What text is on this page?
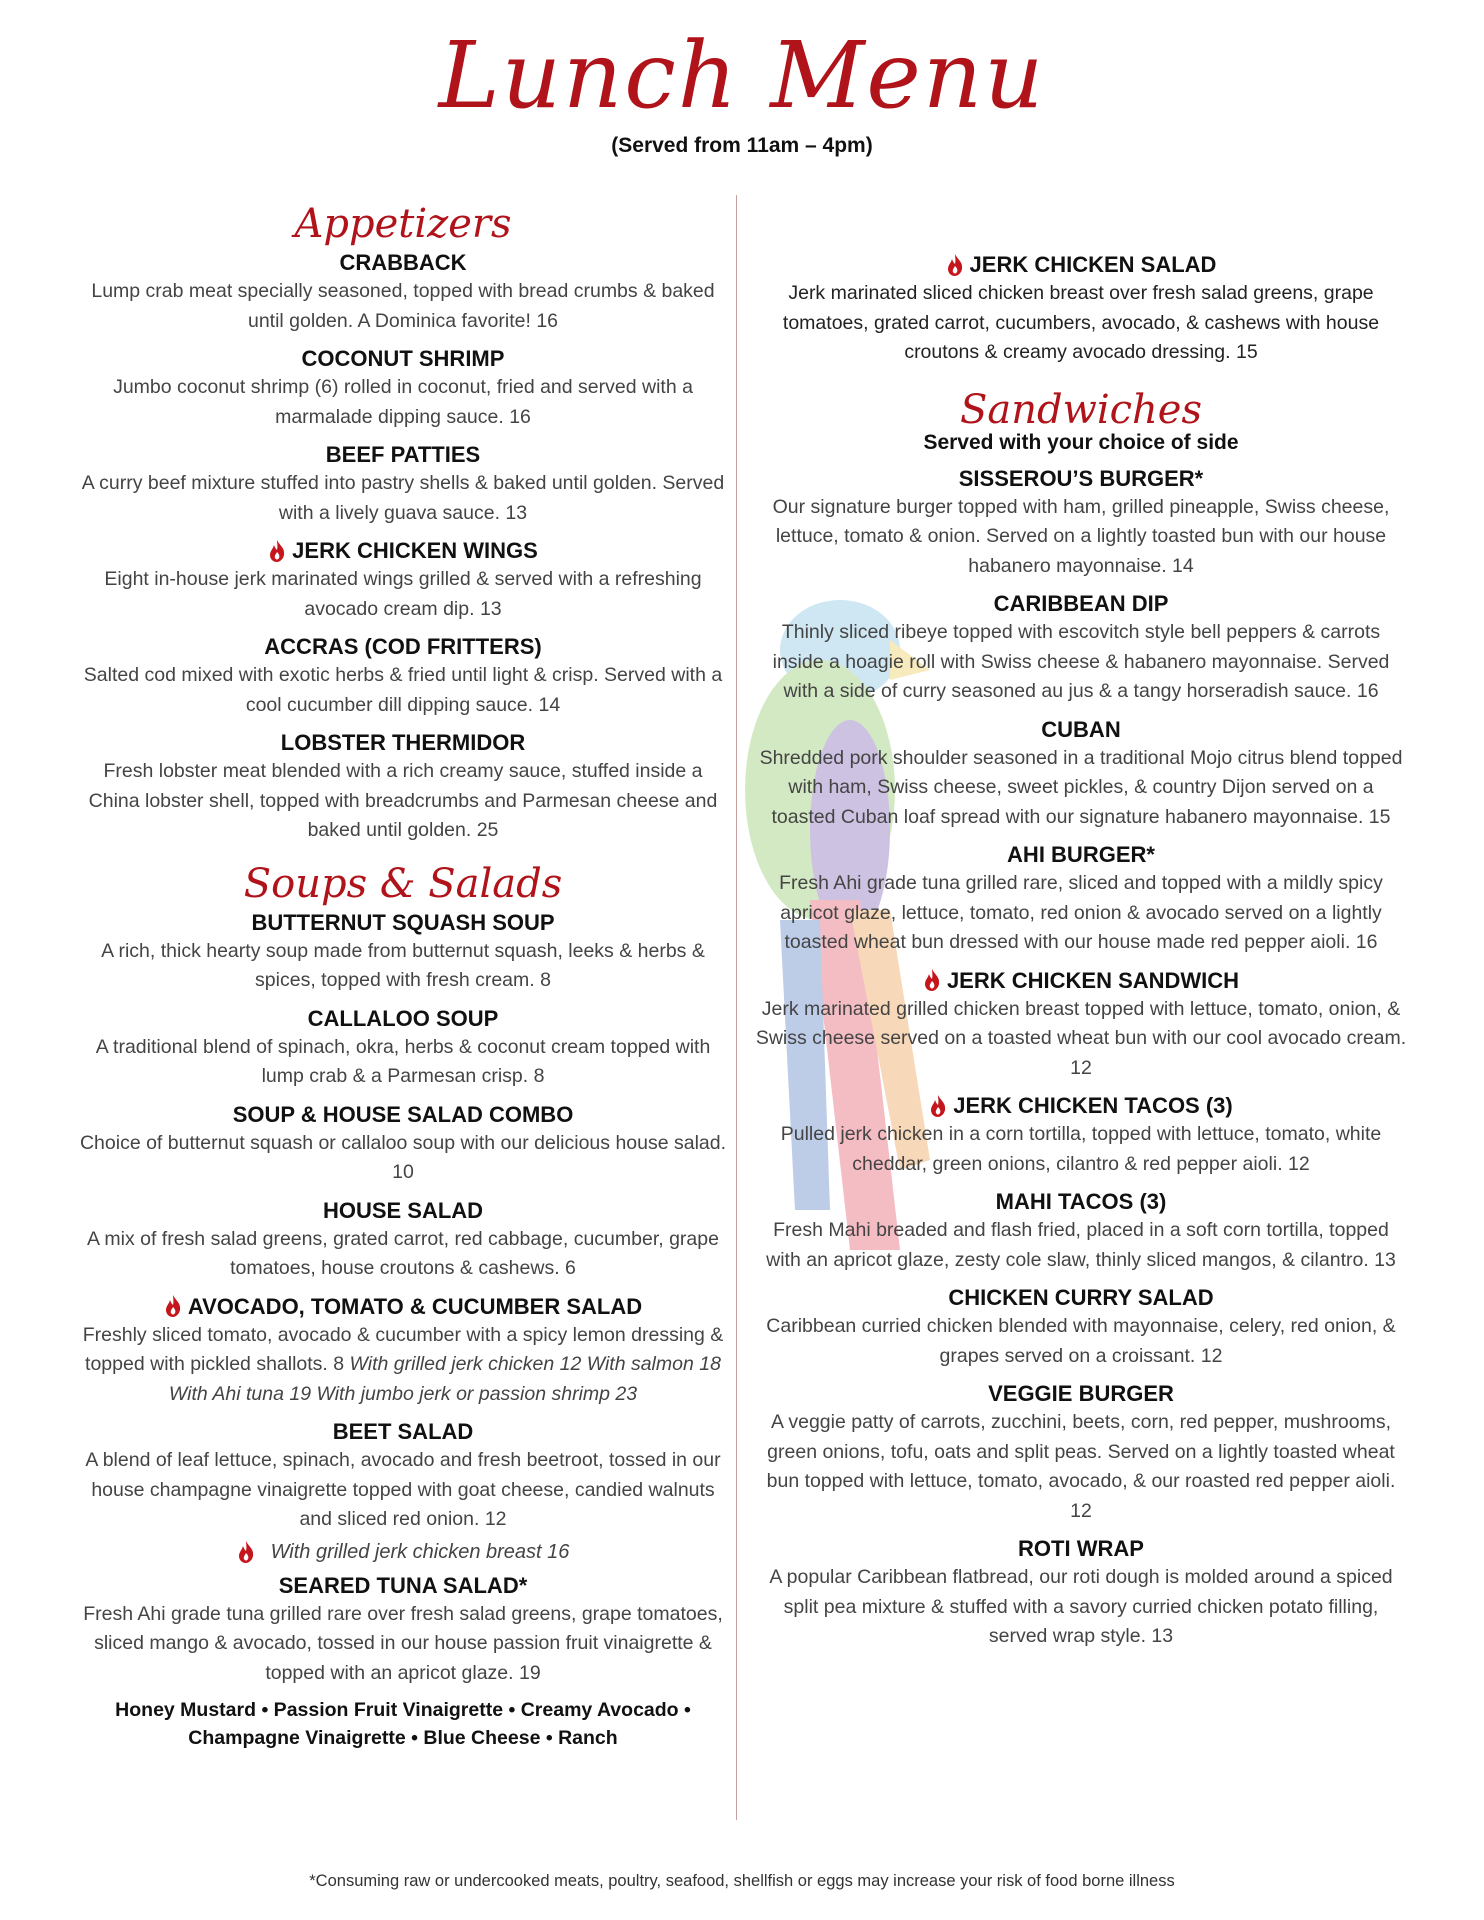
Lunch Menu
(Served from 11am – 4pm)
Appetizers
CRABBACK
Lump crab meat specially seasoned, topped with bread crumbs & baked until golden. A Dominica favorite! 16
COCONUT SHRIMP
Jumbo coconut shrimp (6) rolled in coconut, fried and served with a marmalade dipping sauce. 16
BEEF PATTIES
A curry beef mixture stuffed into pastry shells & baked until golden. Served with a lively guava sauce. 13
JERK CHICKEN WINGS
Eight in-house jerk marinated wings grilled & served with a refreshing avocado cream dip. 13
ACCRAS (COD FRITTERS)
Salted cod mixed with exotic herbs & fried until light & crisp. Served with a cool cucumber dill dipping sauce. 14
LOBSTER THERMIDOR
Fresh lobster meat blended with a rich creamy sauce, stuffed inside a China lobster shell, topped with breadcrumbs and Parmesan cheese and baked until golden. 25
Soups & Salads
BUTTERNUT SQUASH SOUP
A rich, thick hearty soup made from butternut squash, leeks & herbs & spices, topped with fresh cream. 8
CALLALOO SOUP
A traditional blend of spinach, okra, herbs & coconut cream topped with lump crab & a Parmesan crisp. 8
SOUP & HOUSE SALAD COMBO
Choice of butternut squash or callaloo soup with our delicious house salad. 10
HOUSE SALAD
A mix of fresh salad greens, grated carrot, red cabbage, cucumber, grape tomatoes, house croutons & cashews. 6
AVOCADO, TOMATO & CUCUMBER SALAD
Freshly sliced tomato, avocado & cucumber with a spicy lemon dressing & topped with pickled shallots. 8 With grilled jerk chicken 12 With salmon 18 With Ahi tuna 19 With jumbo jerk or passion shrimp 23
BEET SALAD
A blend of leaf lettuce, spinach, avocado and fresh beetroot, tossed in our house champagne vinaigrette topped with goat cheese, candied walnuts and sliced red onion. 12
With grilled jerk chicken breast 16
SEARED TUNA SALAD*
Fresh Ahi grade tuna grilled rare over fresh salad greens, grape tomatoes, sliced mango & avocado, tossed in our house passion fruit vinaigrette & topped with an apricot glaze. 19
Honey Mustard • Passion Fruit Vinaigrette • Creamy Avocado • Champagne Vinaigrette • Blue Cheese • Ranch
JERK CHICKEN SALAD
Jerk marinated sliced chicken breast over fresh salad greens, grape tomatoes, grated carrot, cucumbers, avocado, & cashews with house croutons & creamy avocado dressing. 15
Sandwiches
Served with your choice of side
SISSEROU’S BURGER*
Our signature burger topped with ham, grilled pineapple, Swiss cheese, lettuce, tomato & onion. Served on a lightly toasted bun with our house habanero mayonnaise. 14
CARIBBEAN DIP
Thinly sliced ribeye topped with escovitch style bell peppers & carrots inside a hoagie roll with Swiss cheese & habanero mayonnaise. Served with a side of curry seasoned au jus & a tangy horseradish sauce. 16
CUBAN
Shredded pork shoulder seasoned in a traditional Mojo citrus blend topped with ham, Swiss cheese, sweet pickles, & country Dijon served on a toasted Cuban loaf spread with our signature habanero mayonnaise. 15
AHI BURGER*
Fresh Ahi grade tuna grilled rare, sliced and topped with a mildly spicy apricot glaze, lettuce, tomato, red onion & avocado served on a lightly toasted wheat bun dressed with our house made red pepper aioli. 16
JERK CHICKEN SANDWICH
Jerk marinated grilled chicken breast topped with lettuce, tomato, onion, & Swiss cheese served on a toasted wheat bun with our cool avocado cream. 12
JERK CHICKEN TACOS (3)
Pulled jerk chicken in a corn tortilla, topped with lettuce, tomato, white cheddar, green onions, cilantro & red pepper aioli. 12
MAHI TACOS (3)
Fresh Mahi breaded and flash fried, placed in a soft corn tortilla, topped with an apricot glaze, zesty cole slaw, thinly sliced mangos, & cilantro. 13
CHICKEN CURRY SALAD
Caribbean curried chicken blended with mayonnaise, celery, red onion, & grapes served on a croissant. 12
VEGGIE BURGER
A veggie patty of carrots, zucchini, beets, corn, red pepper, mushrooms, green onions, tofu, oats and split peas. Served on a lightly toasted wheat bun topped with lettuce, tomato, avocado, & our roasted red pepper aioli. 12
ROTI WRAP
A popular Caribbean flatbread, our roti dough is molded around a spiced split pea mixture & stuffed with a savory curried chicken potato filling, served wrap style. 13
*Consuming raw or undercooked meats, poultry, seafood, shellfish or eggs may increase your risk of food borne illness
